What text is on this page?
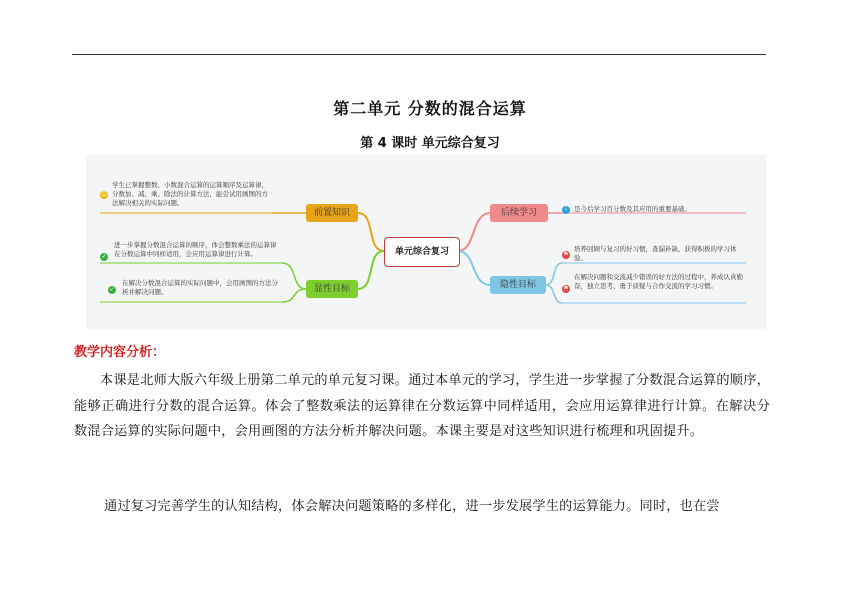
第二单元 分数的混合运算
第 4 课时 单元综合复习
单元综合复习
前置知识
显性目标
☺
学生已掌握整数、小数混合运算的运算顺序及运算律，分数加、减、乘、除法的计算方法，能尝试用画图的方法解决相关的实际问题。
✓
进一步掌握分数混合运算的顺序，体会整数乘法的运算律在分数运算中同样适用，会应用运算律进行计算。
✓
在解决分数混合运算的实际问题中，会用画图的方法分析并解决问题。
后续学习
隐性目标
i	是今后学习百分数及其应用的重要基础。
⚑
培养回顾与复习的好习惯，查漏补缺，获得积极的学习体验。
⚑
在解决问题和交流减少错误的好方法的过程中，养成认真勤奋，独立思考、勇于质疑与合作交流的学习习惯。
教学内容分析：
本课是北师大版六年级上册第二单元的单元复习课。通过本单元的学习，学生进一步掌握了分数混合运算的顺序，能够正确进行分数的混合运算。体会了整数乘法的运算律在分数运算中同样适用，会应用运算律进行计算。在解决分数混合运算的实际问题中，会用画图的方法分析并解决问题。本课主要是对这些知识进行梳理和巩固提升。
通过复习完善学生的认知结构，体会解决问题策略的多样化，进一步发展学生的运算能力。同时，也在尝
